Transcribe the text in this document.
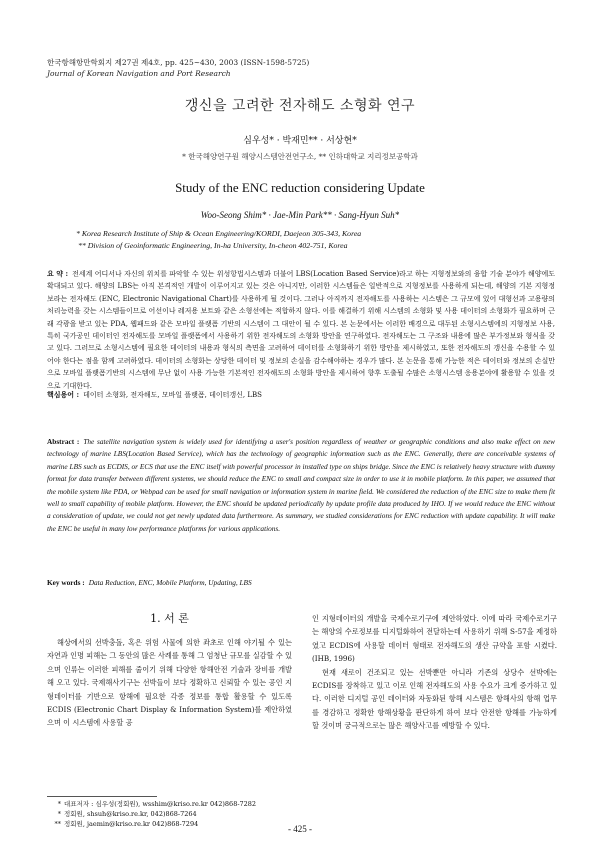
한국항해항만학회지 제27권 제4호, pp. 425~430, 2003 (ISSN-1598-5725)
Journal of Korean Navigation and Port Research
갱신을 고려한 전자해도 소형화 연구
심우성* · 박재민** · 서상현*
* 한국해양연구원 해양시스템안전연구소, ** 인하대학교 지리정보공학과
Study of the ENC reduction considering Update
Woo-Seong Shim* · Jae-Min Park** · Sang-Hyun Suh*
* Korea Research Institute of Ship & Ocean Engineering/KORDI, Daejeon 305-343, Korea
** Division of Geoinformatic Engineering, In-ha University, In-cheon 402-751, Korea
요 약 : 전세계 어디서나 자신의 위치를 파악할 수 있는 위성항법시스템과 더불어 LBS(Location Based Service)라고 하는 지형정보와의 융합 기술 분야가 해양에도 확대되고 있다. 해양의 LBS는 아직 본격적인 개발이 이루어지고 있는 것은 아니지만, 이러한 시스템들은 일반적으로 지형정보를 사용하게 되는데, 해양의 기본 지형정보라는 전자해도 (ENC, Electronic Navigational Chart)를 사용하게 될 것이다. 그러나 아직까지 전자해도를 사용하는 시스템은 그 규모에 있어 대형선과 고용량의 처리능력을 갖는 시스템들이므로 어선이나 레저용 보트와 같은 소형선에는 적합하지 않다. 이를 해결하기 위해 시스템의 소형화 및 사용 데이터의 소형화가 필요하며 근래 각광을 받고 있는 PDA, 웹패드와 같은 모바일 플랫폼 기반의 시스템이 그 대안이 될 수 있다. 본 논문에서는 이러한 배경으로 대두된 소형시스템에의 지형정보 사용, 특히 국가공인 데이터인 전자해도를 모바일 플랫폼에서 사용하기 위한 전자해도의 소형화 방안을 연구하였다. 전자해도는 그 구조와 내용에 많은 부가정보와 형식을 갖고 있다. 그러므로 소형시스템에 필요한 데이터의 내용과 형식의 측면을 고려하여 데이터를 소형화하기 위한 방안을 제시하였고, 또한 전자해도의 갱신을 수용할 수 있어야 한다는 점을 함께 고려하였다. 데이터의 소형화는 상당한 데이터 및 정보의 손실을 감수해야하는 경우가 많다. 본 논문을 통해 가능한 적은 데이터와 정보의 손실만으로 모바일 플랫폼기반의 시스템에 무난 없이 사용 가능한 기본적인 전자해도의 소형화 방안을 제시하여 향후 도출될 수많은 소형시스템 응용분야에 활용할 수 있을 것으로 기대한다.
핵심용어 : 데이터 소형화, 전자해도, 모바일 플랫폼, 데이터갱신, LBS
Abstract : The satellite navigation system is widely used for identifying a user's position regardless of weather or geographic conditions and also make effect on new technology of marine LBS(Location Based Service), which has the technology of geographic information such as the ENC. Generally, there are conceivable systems of marine LBS such as ECDIS, or ECS that use the ENC itself with powerful processor in installed type on ships bridge. Since the ENC is relatively heavy structure with dummy format for data transfer between different systems, we should reduce the ENC to small and compact size in order to use it in mobile platform. In this paper, we assumed that the mobile system like PDA, or Webpad can be used for small navigation or information system in marine field. We considered the reduction of the ENC size to make them fit well to small capability of mobile platform. However, the ENC should be updated periodically by update profile data produced by IHO. If we would reduce the ENC without a consideration of update, we could not get newly updated data furthermore. As summary, we studied considerations for ENC reduction with update capability. It will make the ENC be useful in many low performance platforms for various applications.
Key words : Data Reduction, ENC, Mobile Platform, Updating, LBS
1. 서 론

해상에서의 선박충돌, 혹은 위험 사물에 의한 좌초로 인해 야기될 수 있는 자연과 인명 피해는 그 동안의 많은 사례를 통해 그 엄청난 규모를 실감할 수 있으며 인류는 이러한 피해를 줄이기 위해 다양한 항해안전 기술과 장비를 개발해 오고 있다. 국제해사기구는 선박들이 보다 정확하고 신뢰할 수 있는 공인 지형데이터를 기반으로 항해에 필요한 각종 정보를 통합 활용할 수 있도록 ECDIS (Electronic Chart Display & Information System)를 제안하였으며 이 시스템에 사용할 공

인 지형데이터의 개발을 국제수로기구에 제안하였다. 이에 따라 국제수로기구는 해양의 수로정보를 디지털화하여 전달하는데 사용하기 위해 S-57을 제정하였고 ECDIS에 사용할 데이터 형태로 전자해도의 생산 규약을 포함 시켰다.(IHB, 1996)

현재 새로이 건조되고 있는 선박뿐만 아니라 기존의 상당수 선박에는 ECDIS를 장착하고 있고 이로 인해 전자해도의 사용 수요가 크게 증가하고 있다. 이러한 디지털 공인 데이터와 자동화된 항해 시스템은 항해사의 항해 업무를 경감하고 정확한 항해상황을 판단하게 하여 보다 안전한 항해를 가능하게 할 것이며 궁극적으로는 많은 해양사고를 예방할 수 있다.

* 대표저자 : 심우성(정회원), wsshim@kriso.re.kr 042)868-7282
* 정회원, shsuh@kriso.re.kr, 042)868-7264
** 정회원, jaemin@kriso.re.kr 042)868-7294	- 425 -
